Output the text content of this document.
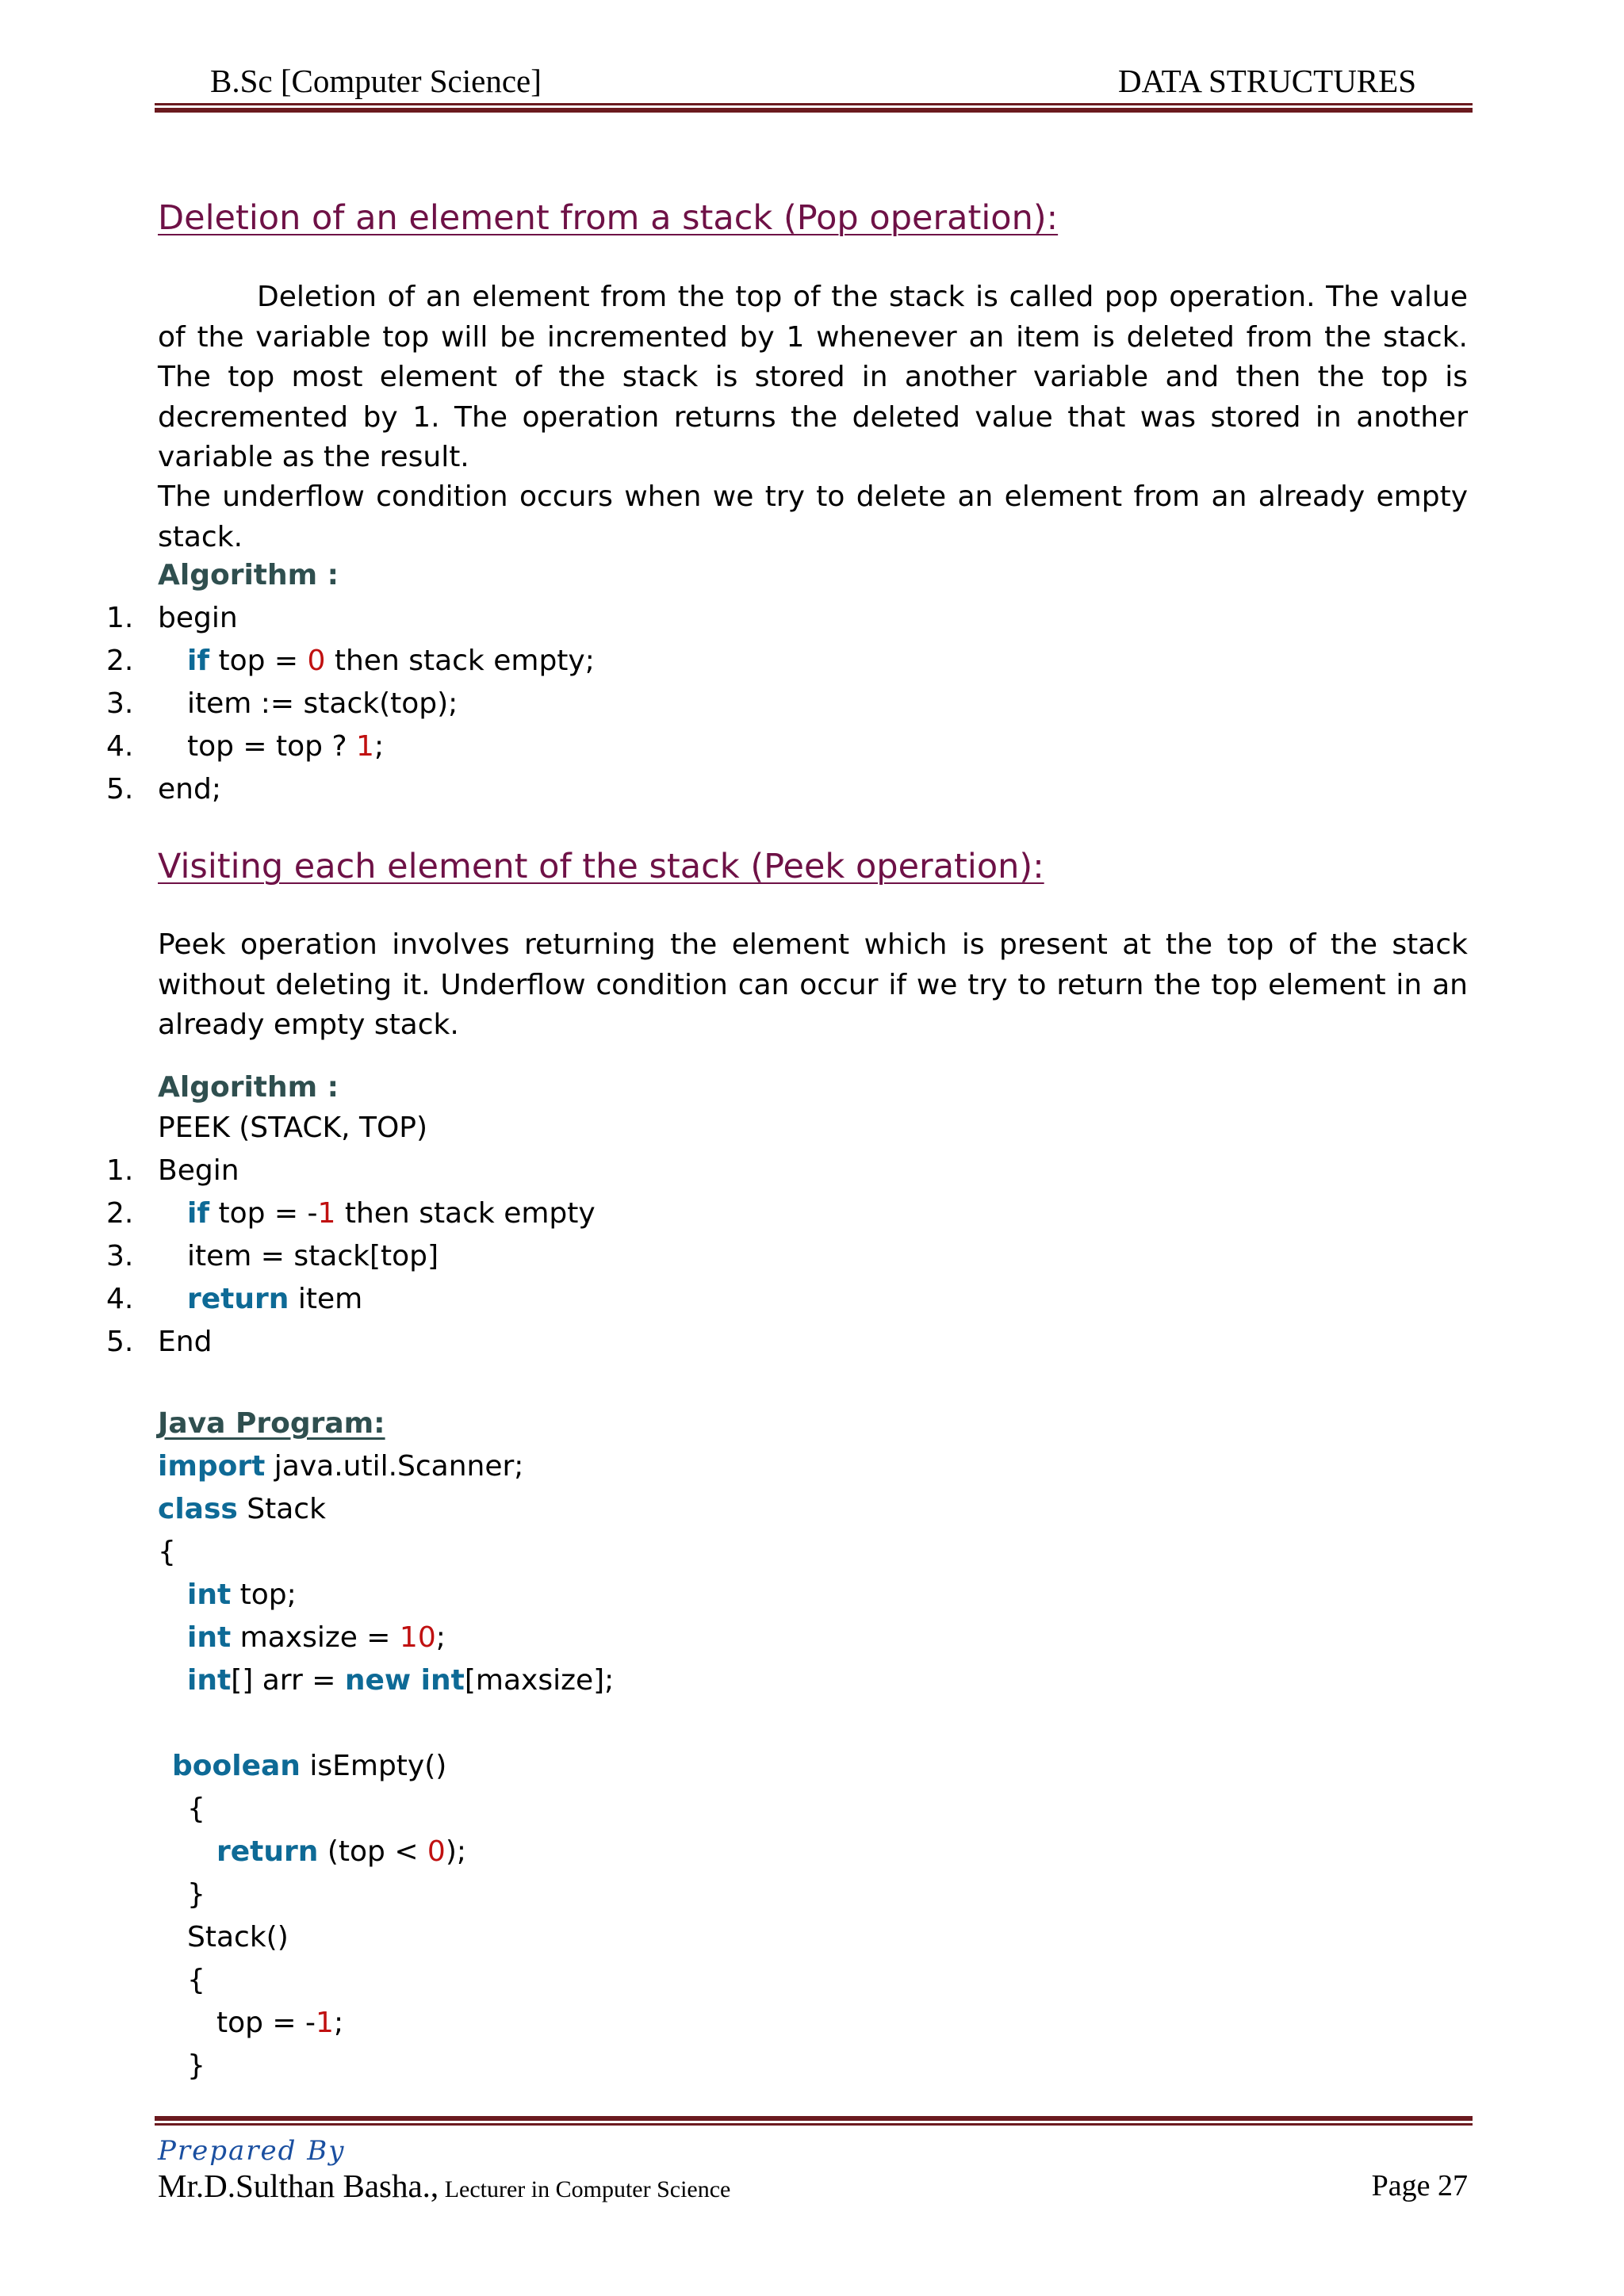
B.Sc [Computer Science]	DATA STRUCTURES
Deletion of an element from a stack (Pop operation):
Deletion of an element from the top of the stack is called pop operation. The value of the variable top will be incremented by 1 whenever an item is deleted from the stack. The top most element of the stack is stored in another variable and then the top is decremented by 1. The operation returns the deleted value that was stored in another variable as the result.
The underflow condition occurs when we try to delete an element from an already empty stack.
Algorithm :
1.
2.
3.
4.
5.
begin
if top = 0 then stack empty;
item := stack(top);
top = top ? 1;
end;
Visiting each element of the stack (Peek operation):
Peek operation involves returning the element which is present at the top of the stack without deleting it. Underflow condition can occur if we try to return the top element in an already empty stack.
Algorithm :
PEEK (STACK, TOP)
1.
2.
3.
4.
5.
Begin
if top = -1 then stack empty
item = stack[top]
return item
End
Java Program:
import java.util.Scanner;
class Stack
{
int top;
int maxsize = 10;
int[] arr = new int[maxsize];
boolean isEmpty()
{
return (top < 0);
}
Stack()
{
top = -1;
}
Prepared By
Mr.D.Sulthan Basha., Lecturer in Computer Science	Page 27
